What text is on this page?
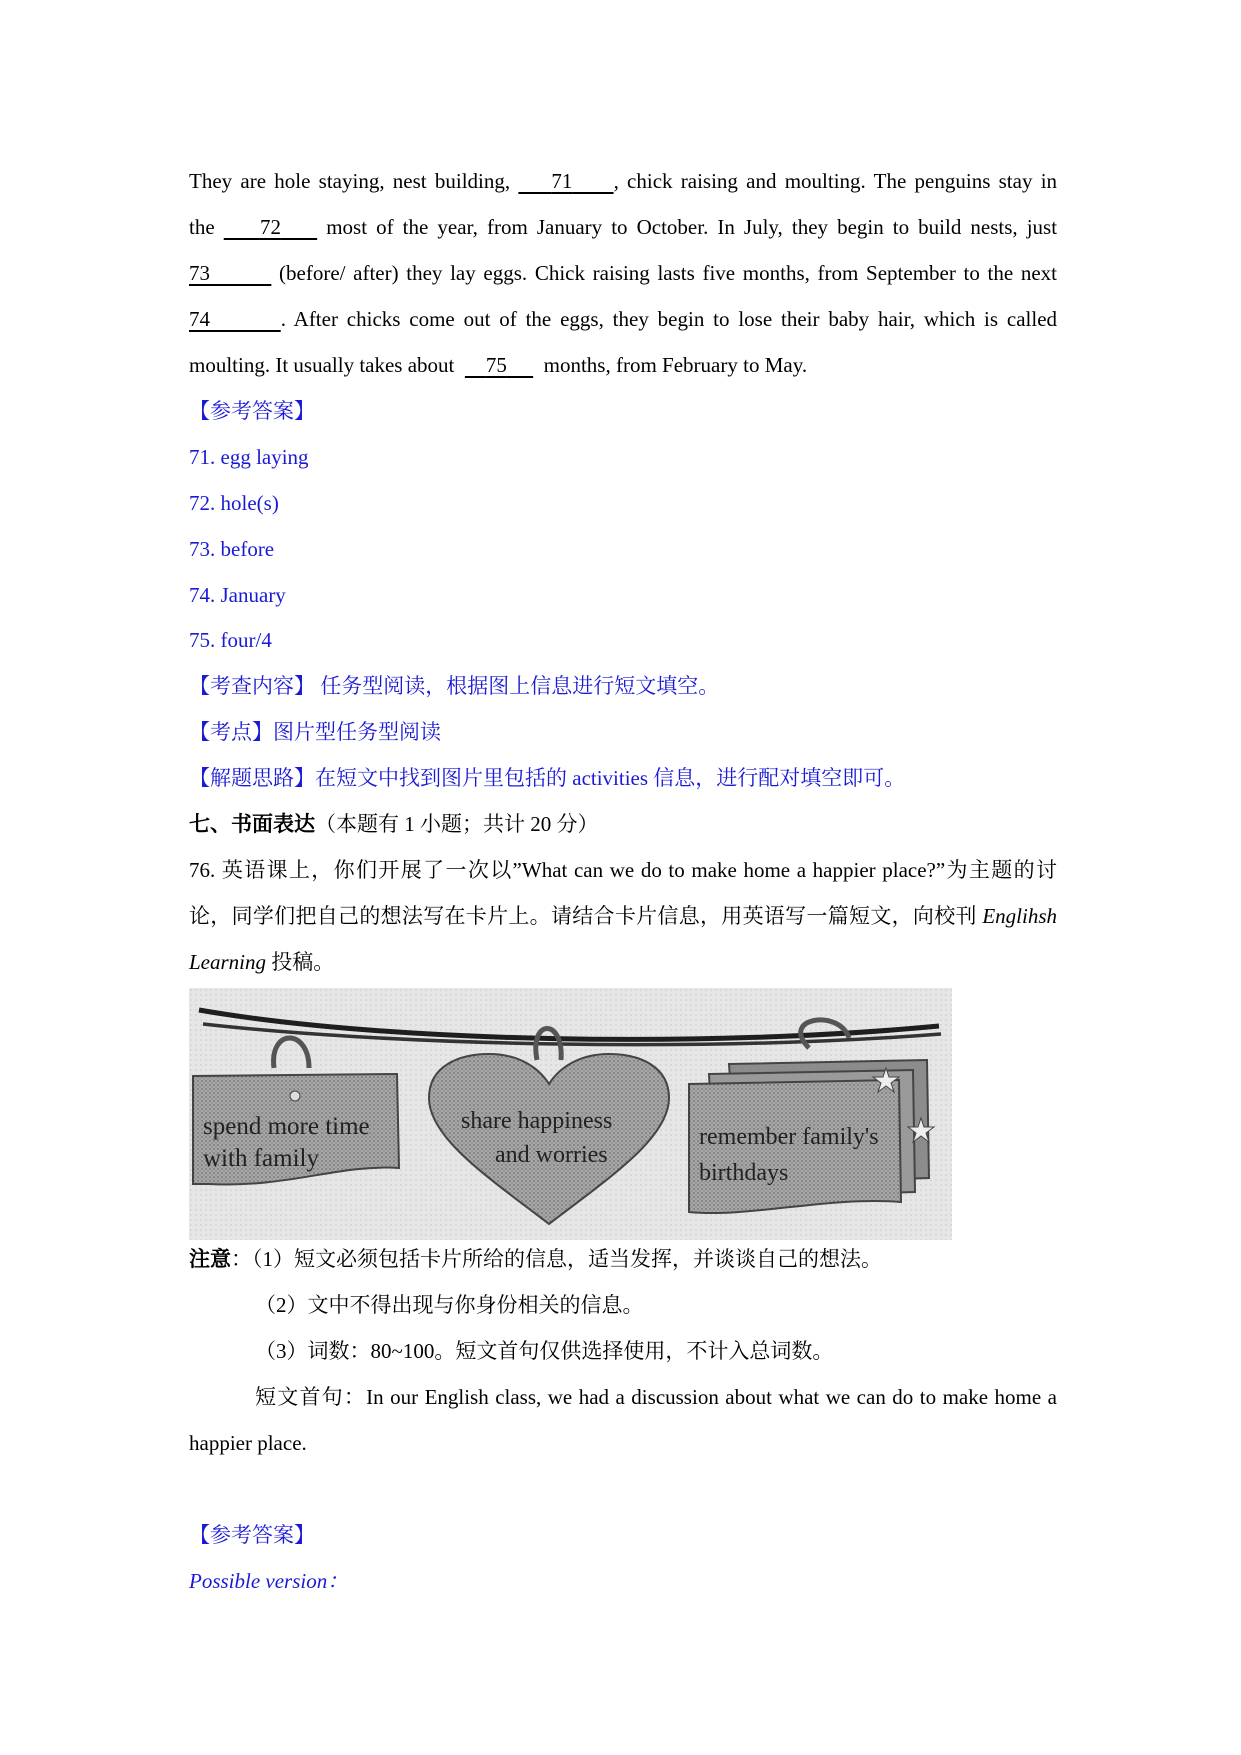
They are hole staying, nest building, 71 , chick raising and moulting. The penguins stay in
the 72 most of the year, from January to October. In July, they begin to build nests, just
73	(before/ after) they lay eggs. Chick raising lasts five months, from September to the next
74	. After chicks come out of the eggs, they begin to lose their baby hair, which is called
moulting. It usually takes about 75 months, from February to May.
【参考答案】
71. egg laying
72. hole(s)
73. before
74. January
75. four/4
【考查内容】 任务型阅读，根据图上信息进行短文填空。
【考点】图片型任务型阅读
【解题思路】在短文中找到图片里包括的 activities 信息，进行配对填空即可。
七、书面表达（本题有 1 小题；共计 20 分）
76. 英语课上，你们开展了一次以”What can we do to make home a happier place?”为主题的讨
论，同学们把自己的想法写在卡片上。请结合卡片信息，用英语写一篇短文，向校刊 Englihsh
Learning 投稿。
spend more time
with family
share happiness
and worries
remember family's
birthdays
注意：（1）短文必须包括卡片所给的信息，适当发挥，并谈谈自己的想法。
（2）文中不得出现与你身份相关的信息。
（3）词数：80~100。短文首句仅供选择使用，不计入总词数。
短文首句：In our English class, we had a discussion about what we can do to make home a
happier place.
【参考答案】
Possible version：
